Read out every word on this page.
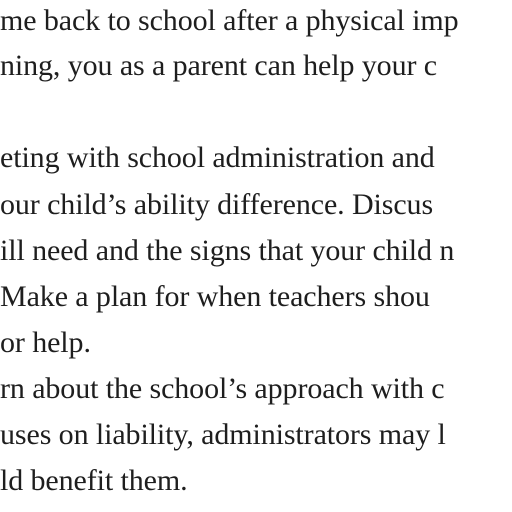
me back to school after a physical imp
ning, you as a parent can help your c
eting with school administration and
our child’s ability difference. Discus
ill need and the signs that your child n
Make a plan for when teachers shou
or help.
rn about the school’s approach with c
uses on liability, administrators may l
ld benefit them.
